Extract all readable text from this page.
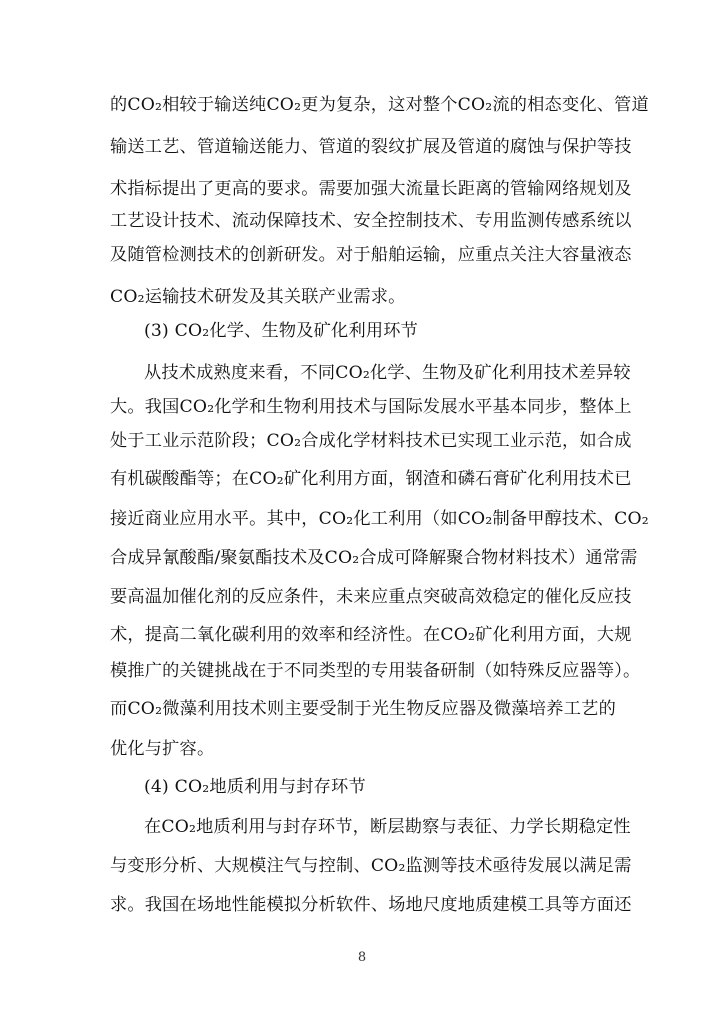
的CO₂相较于输送纯CO₂更为复杂，这对整个CO₂流的相态变化、管道
输送工艺、管道输送能力、管道的裂纹扩展及管道的腐蚀与保护等技
术指标提出了更高的要求。需要加强大流量长距离的管输网络规划及
工艺设计技术、流动保障技术、安全控制技术、专用监测传感系统以
及随管检测技术的创新研发。对于船舶运输，应重点关注大容量液态
CO₂运输技术研发及其关联产业需求。
(3) CO₂化学、生物及矿化利用环节
从技术成熟度来看，不同CO₂化学、生物及矿化利用技术差异较
大。我国CO₂化学和生物利用技术与国际发展水平基本同步，整体上
处于工业示范阶段；CO₂合成化学材料技术已实现工业示范，如合成
有机碳酸酯等；在CO₂矿化利用方面，钢渣和磷石膏矿化利用技术已
接近商业应用水平。其中，CO₂化工利用（如CO₂制备甲醇技术、CO₂
合成异氰酸酯/聚氨酯技术及CO₂合成可降解聚合物材料技术）通常需
要高温加催化剂的反应条件，未来应重点突破高效稳定的催化反应技
术，提高二氧化碳利用的效率和经济性。在CO₂矿化利用方面，大规
模推广的关键挑战在于不同类型的专用装备研制（如特殊反应器等）。
而CO₂微藻利用技术则主要受制于光生物反应器及微藻培养工艺的
优化与扩容。
(4) CO₂地质利用与封存环节
在CO₂地质利用与封存环节，断层勘察与表征、力学长期稳定性
与变形分析、大规模注气与控制、CO₂监测等技术亟待发展以满足需
求。我国在场地性能模拟分析软件、场地尺度地质建模工具等方面还
8
